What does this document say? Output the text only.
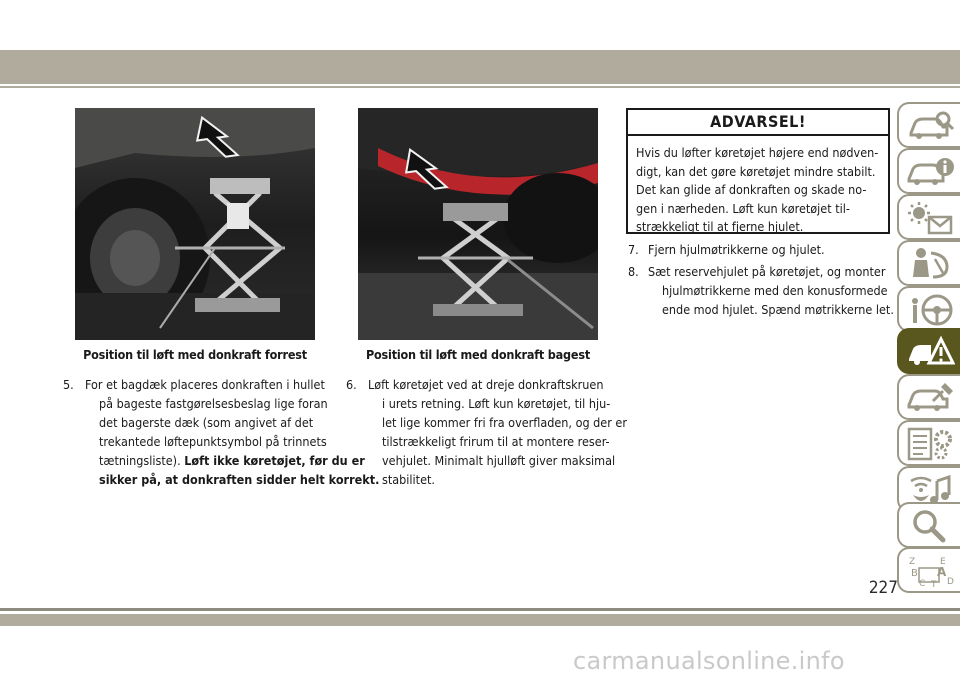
Position til løft med donkraft forrest	Position til løft med donkraft bagest
5. For et bagdæk placeres donkraften i hullet
på bageste fastgørelsesbeslag lige foran
det bagerste dæk (som angivet af det
trekantede løftepunktsymbol på trinnets
tætningsliste). Løft ikke køretøjet, før du er
sikker på, at donkraften sidder helt korrekt.
6. Løft køretøjet ved at dreje donkraftskruen
i urets retning. Løft kun køretøjet, til hju-
let lige kommer fri fra overfladen, og der er
tilstrækkeligt frirum til at montere reser-
vehjulet. Minimalt hjulløft giver maksimal
stabilitet.
ADVARSEL!
Hvis du løfter køretøjet højere end nødven-
digt, kan det gøre køretøjet mindre stabilt.
Det kan glide af donkraften og skade no-
gen i nærheden. Løft kun køretøjet til-
strækkeligt til at fjerne hjulet.
7. Fjern hjulmøtrikkerne og hjulet.
8. Sæt reservehjulet på køretøjet, og monter
hjulmøtrikkerne med den konusformede
ende mod hjulet. Spænd møtrikkerne let.
Z	E
B A
D
C T
227
carmanualsonline.info
